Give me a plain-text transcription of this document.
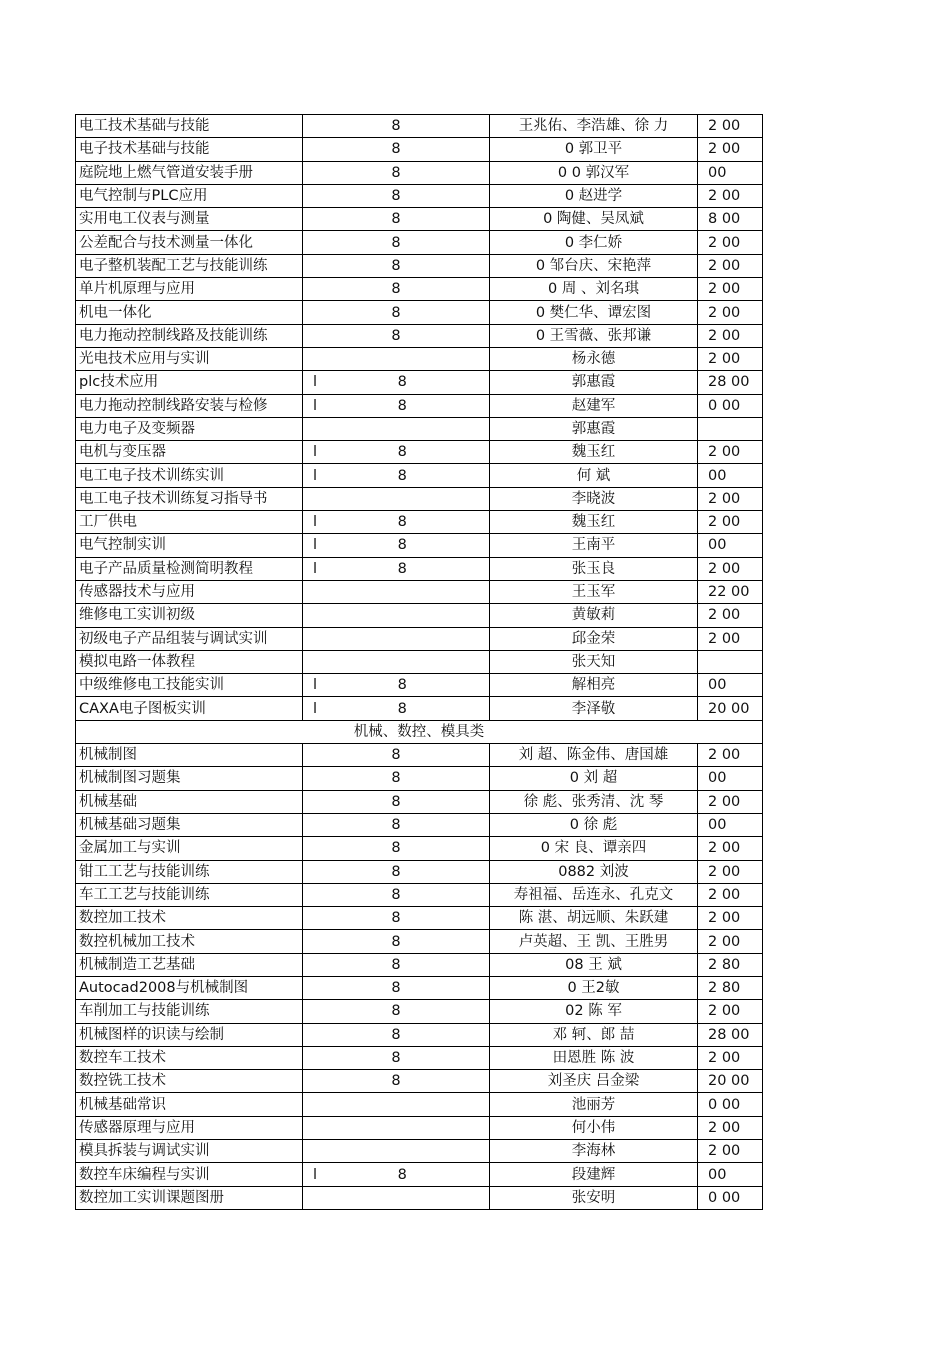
电工技术基础与技能	8	王兆佑、李浩雄、徐 力	2 00
电子技术基础与技能	8	0 郭卫平	2 00
庭院地上燃气管道安装手册	8	0 0 郭汉军	00
电气控制与PLC应用	8	0 赵进学	2 00
实用电工仪表与测量	8	0 陶健、吴凤斌	8 00
公差配合与技术测量一体化	8	0 李仁娇	2 00
电子整机装配工艺与技能训练	8	0 邹台庆、宋艳萍	2 00
单片机原理与应用	8	0 周 、刘名琪	2 00
机电一体化	8	0 樊仁华、谭宏图	2 00
电力拖动控制线路及技能训练	8	0 王雪薇、张邦谦	2 00
光电技术应用与实训		杨永德	2 00
plc技术应用	l 8	郭惠霞	28 00
电力拖动控制线路安装与检修	l 8	赵建军	0 00
电力电子及变频器		郭惠霞	
电机与变压器	l 8	魏玉红	2 00
电工电子技术训练实训	l 8	何 斌	00
电工电子技术训练复习指导书		李晓波	2 00
工厂供电	l 8	魏玉红	2 00
电气控制实训	l 8	王南平	00
电子产品质量检测简明教程	l 8	张玉良	2 00
传感器技术与应用		王玉军	22 00
维修电工实训初级		黄敏莉	2 00
初级电子产品组装与调试实训		邱金荣	2 00
模拟电路一体教程		张天知	
中级维修电工技能实训	l 8	解相亮	00
CAXA电子图板实训	l 8	李泽敬	20 00
机械、数控、模具类			
机械制图	8	刘 超、陈金伟、唐国雄	2 00
机械制图习题集	8	0 刘 超	00
机械基础	8	徐 彪、张秀清、沈 琴	2 00
机械基础习题集	8	0 徐 彪	00
金属加工与实训	8	0 宋 良、谭亲四	2 00
钳工工艺与技能训练	8	0882 刘波	2 00
车工工艺与技能训练	8	寿祖福、岳连永、孔克文	2 00
数控加工技术	8	陈 湛、胡远顺、朱跃建	2 00
数控机械加工技术	8	卢英超、王 凯、王胜男	2 00
机械制造工艺基础	8	08 王 斌	2 80
Autocad2008与机械制图	8	0 王2敏	2 80
车削加工与技能训练	8	02 陈 军	2 00
机械图样的识读与绘制	8	邓 轲、郎 喆	28 00
数控车工技术	8	田恩胜 陈 波	2 00
数控铣工技术	8	刘圣庆 吕金梁	20 00
机械基础常识		池丽芳	0 00
传感器原理与应用		何小伟	2 00
模具拆装与调试实训		李海林	2 00
数控车床编程与实训	l 8	段建辉	00
数控加工实训课题图册		张安明	0 00
